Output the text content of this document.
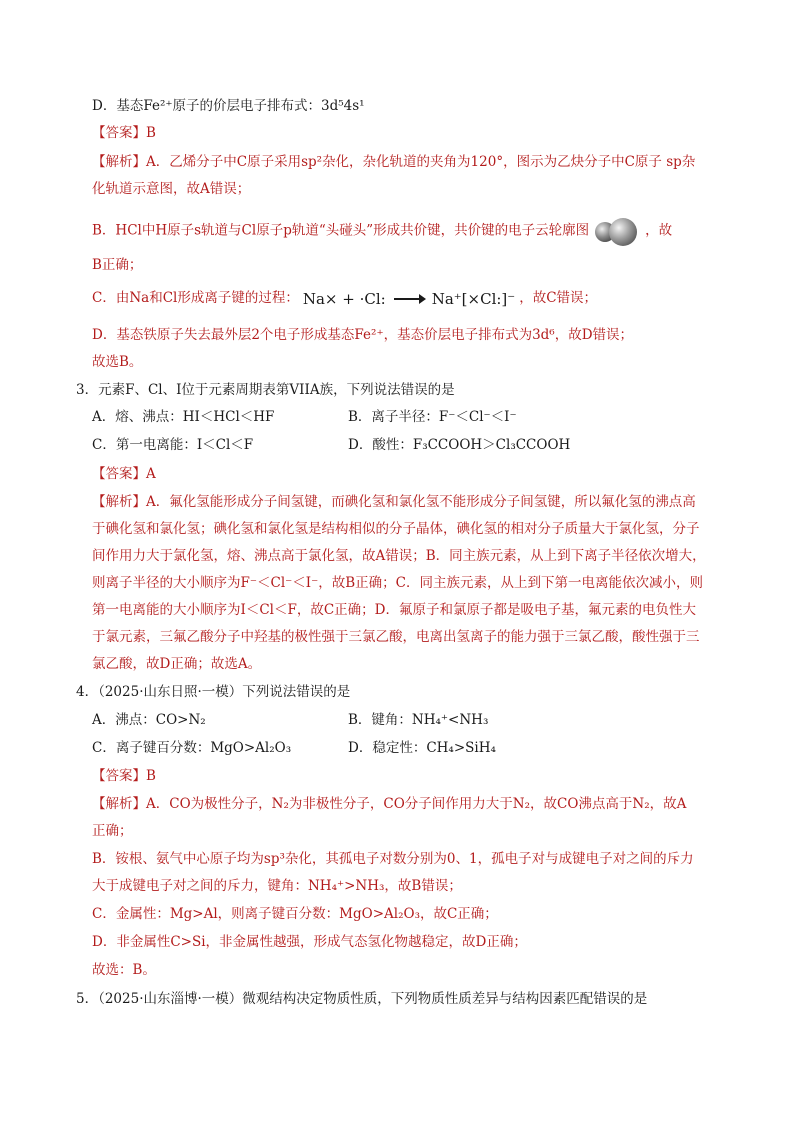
D．基态Fe²⁺原子的价层电子排布式：3d⁵4s¹
【答案】B
【解析】A．乙烯分子中C原子采用sp²杂化，杂化轨道的夹角为120°，图示为乙炔分子中C原子 sp杂
化轨道示意图，故A错误；
B．HCl中H原子s轨道与Cl原子p轨道“头碰头”形成共价键，共价键的电子云轮廓图	，故
B正确；
C．由Na和Cl形成离子键的过程： Na× + ·Cl: → Na⁺[×Cl:]⁻ ，故C错误；
D．基态铁原子失去最外层2个电子形成基态Fe²⁺，基态价层电子排布式为3d⁶，故D错误；
故选B。
3．元素F、Cl、I位于元素周期表第VIIA族，下列说法错误的是
A．熔、沸点：HI＜HCl＜HF	B．离子半径：F⁻＜Cl⁻＜I⁻
C．第一电离能：I＜Cl＜F	D．酸性：F₃CCOOH＞Cl₃CCOOH
【答案】A
【解析】A．氟化氢能形成分子间氢键，而碘化氢和氯化氢不能形成分子间氢键，所以氟化氢的沸点高
于碘化氢和氯化氢；碘化氢和氯化氢是结构相似的分子晶体，碘化氢的相对分子质量大于氯化氢，分子
间作用力大于氯化氢，熔、沸点高于氯化氢，故A错误；B．同主族元素，从上到下离子半径依次增大，
则离子半径的大小顺序为F⁻＜Cl⁻＜I⁻，故B正确；C．同主族元素，从上到下第一电离能依次减小，则
第一电离能的大小顺序为I＜Cl＜F，故C正确；D．氟原子和氯原子都是吸电子基，氟元素的电负性大
于氯元素，三氟乙酸分子中羟基的极性强于三氯乙酸，电离出氢离子的能力强于三氯乙酸，酸性强于三
氯乙酸，故D正确；故选A。
4．（2025·山东日照·一模）下列说法错误的是
A．沸点：CO>N₂	B．键角：NH₄⁺<NH₃
C．离子键百分数：MgO>Al₂O₃	D．稳定性：CH₄>SiH₄
【答案】B
【解析】A．CO为极性分子，N₂为非极性分子，CO分子间作用力大于N₂，故CO沸点高于N₂，故A
正确；
B．铵根、氨气中心原子均为sp³杂化，其孤电子对数分别为0、1，孤电子对与成键电子对之间的斥力
大于成键电子对之间的斥力，键角：NH₄⁺>NH₃，故B错误；
C．金属性：Mg>Al，则离子键百分数：MgO>Al₂O₃，故C正确；
D．非金属性C>Si，非金属性越强，形成气态氢化物越稳定，故D正确；
故选：B。
5．（2025·山东淄博·一模）微观结构决定物质性质，下列物质性质差异与结构因素匹配错误的是
